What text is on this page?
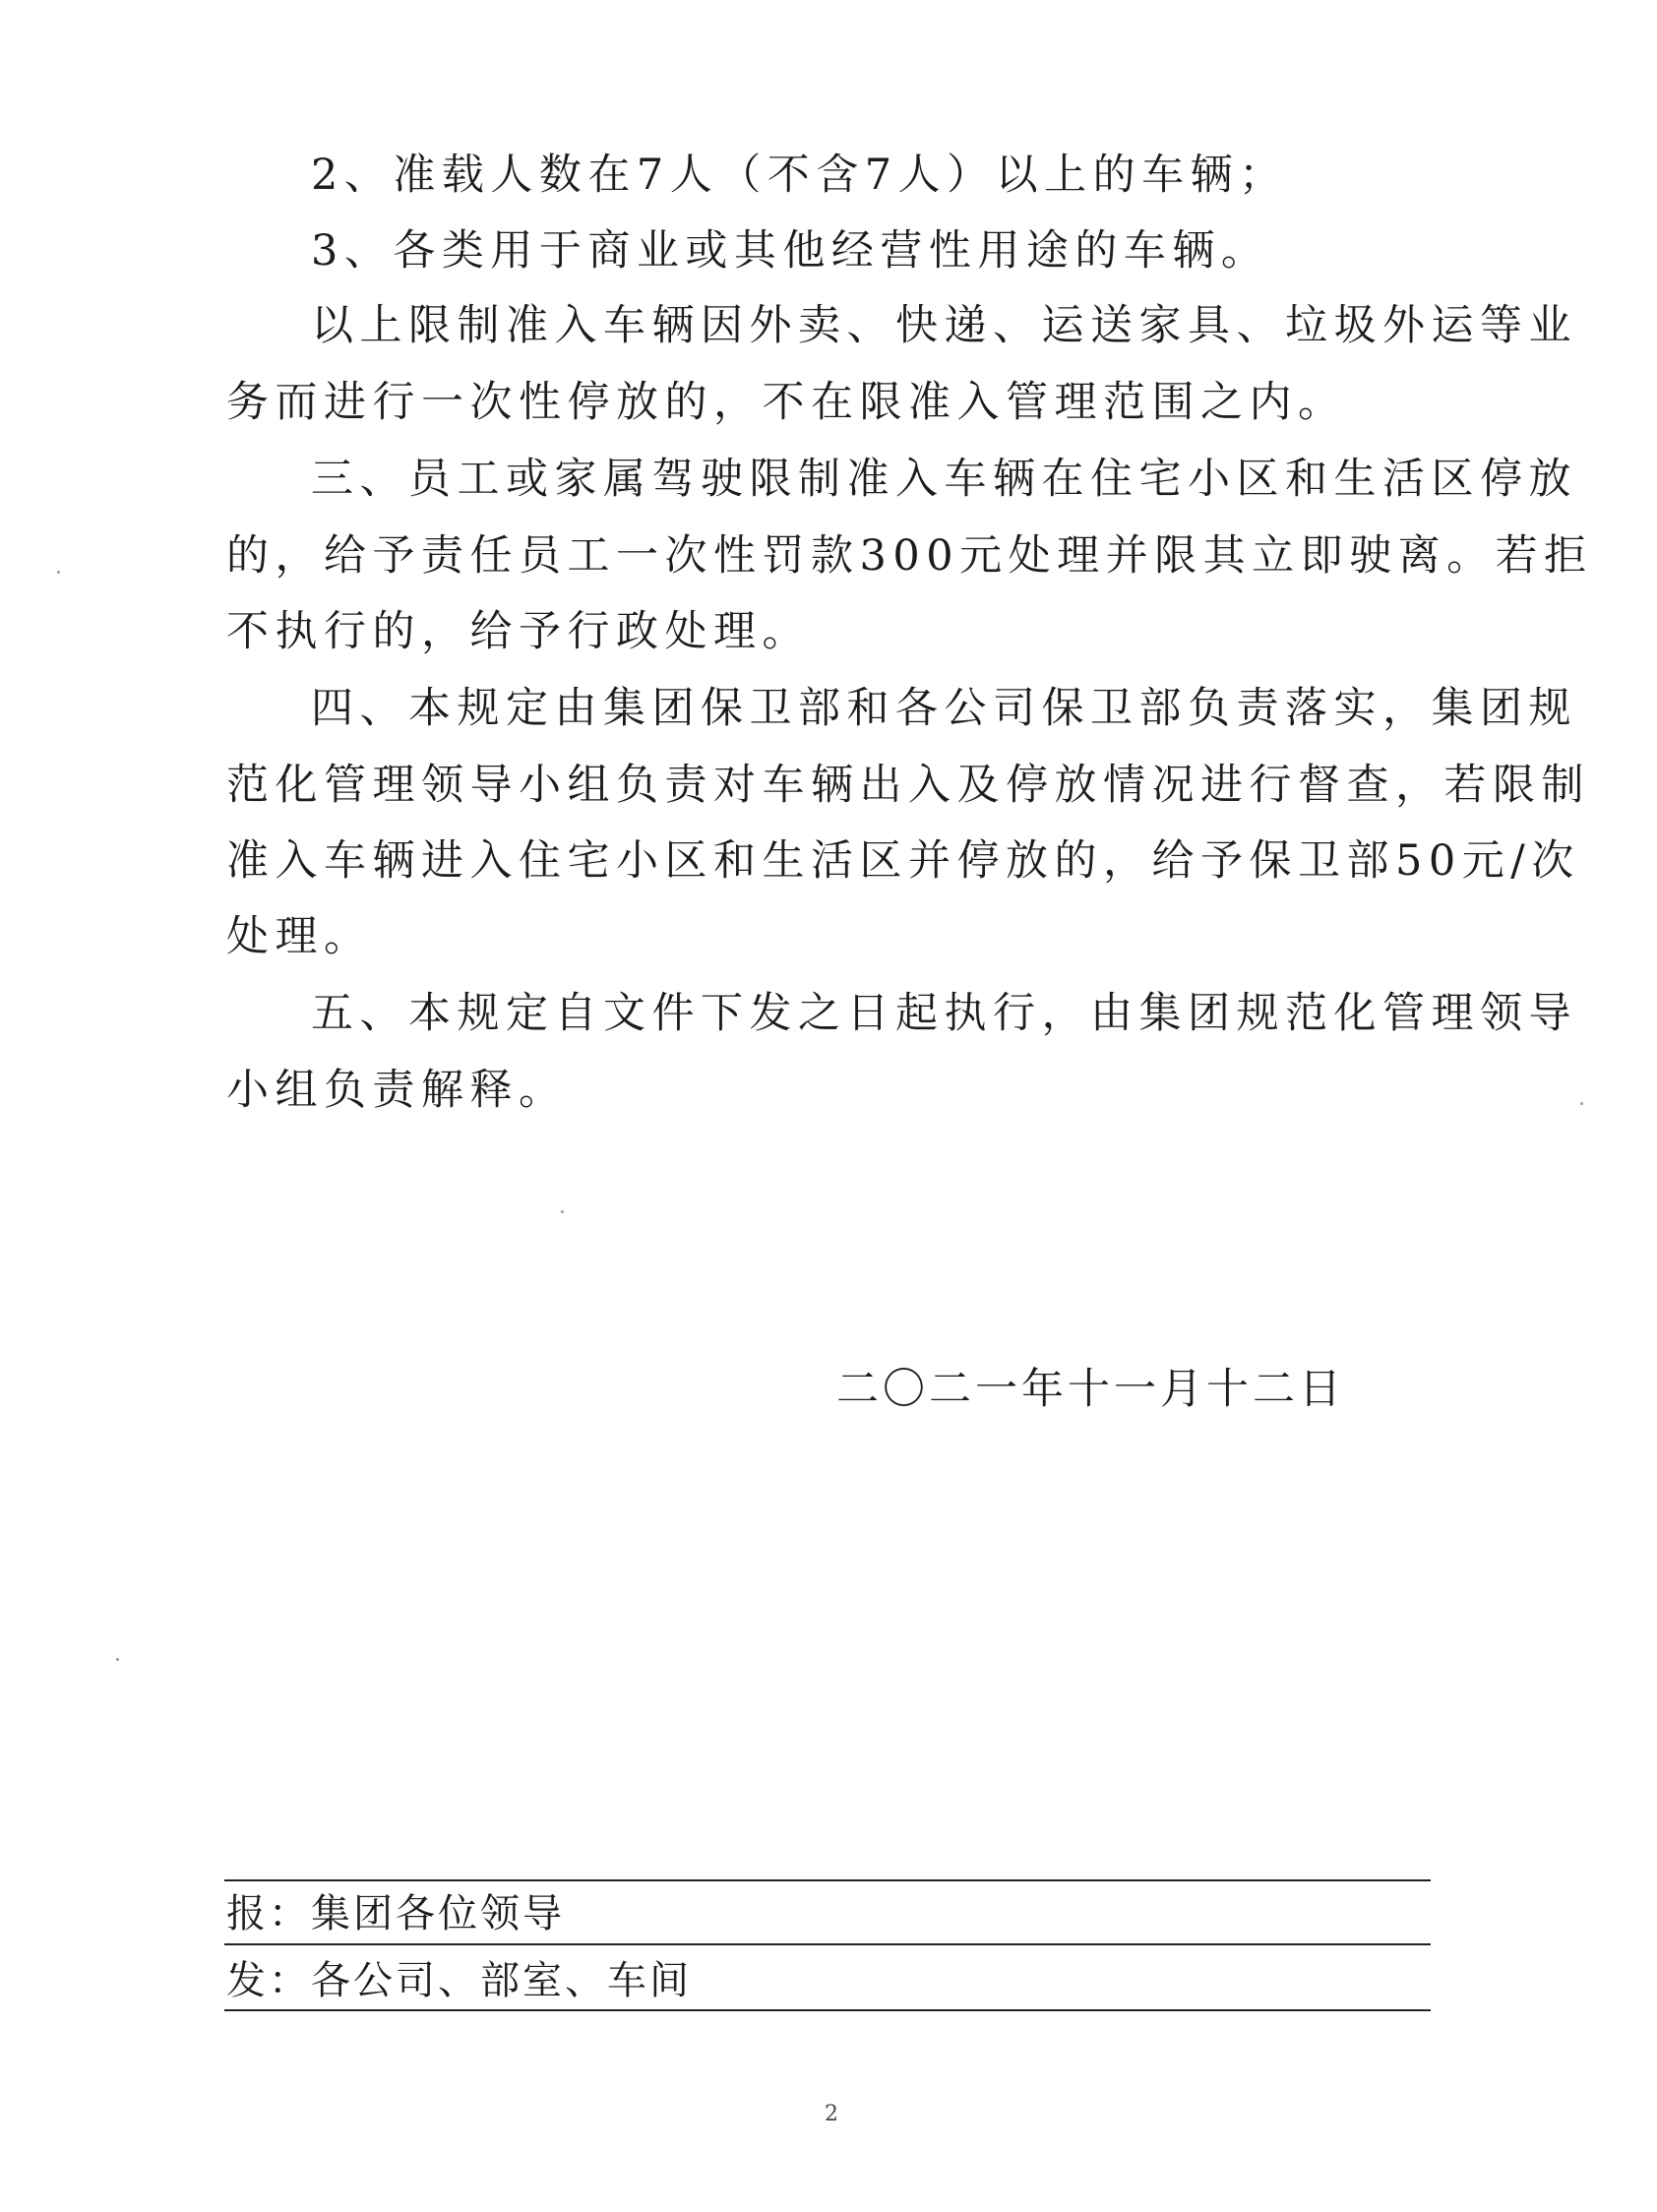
2、准载人数在7人（不含7人）以上的车辆；
3、各类用于商业或其他经营性用途的车辆。
以上限制准入车辆因外卖、快递、运送家具、垃圾外运等业
务而进行一次性停放的，不在限准入管理范围之内。
三、员工或家属驾驶限制准入车辆在住宅小区和生活区停放
的，给予责任员工一次性罚款300元处理并限其立即驶离。若拒
不执行的，给予行政处理。
四、本规定由集团保卫部和各公司保卫部负责落实，集团规
范化管理领导小组负责对车辆出入及停放情况进行督查，若限制
准入车辆进入住宅小区和生活区并停放的，给予保卫部50元/次
处理。
五、本规定自文件下发之日起执行，由集团规范化管理领导
小组负责解释。
二〇二一年十一月十二日
报：集团各位领导
发：各公司、部室、车间
2
